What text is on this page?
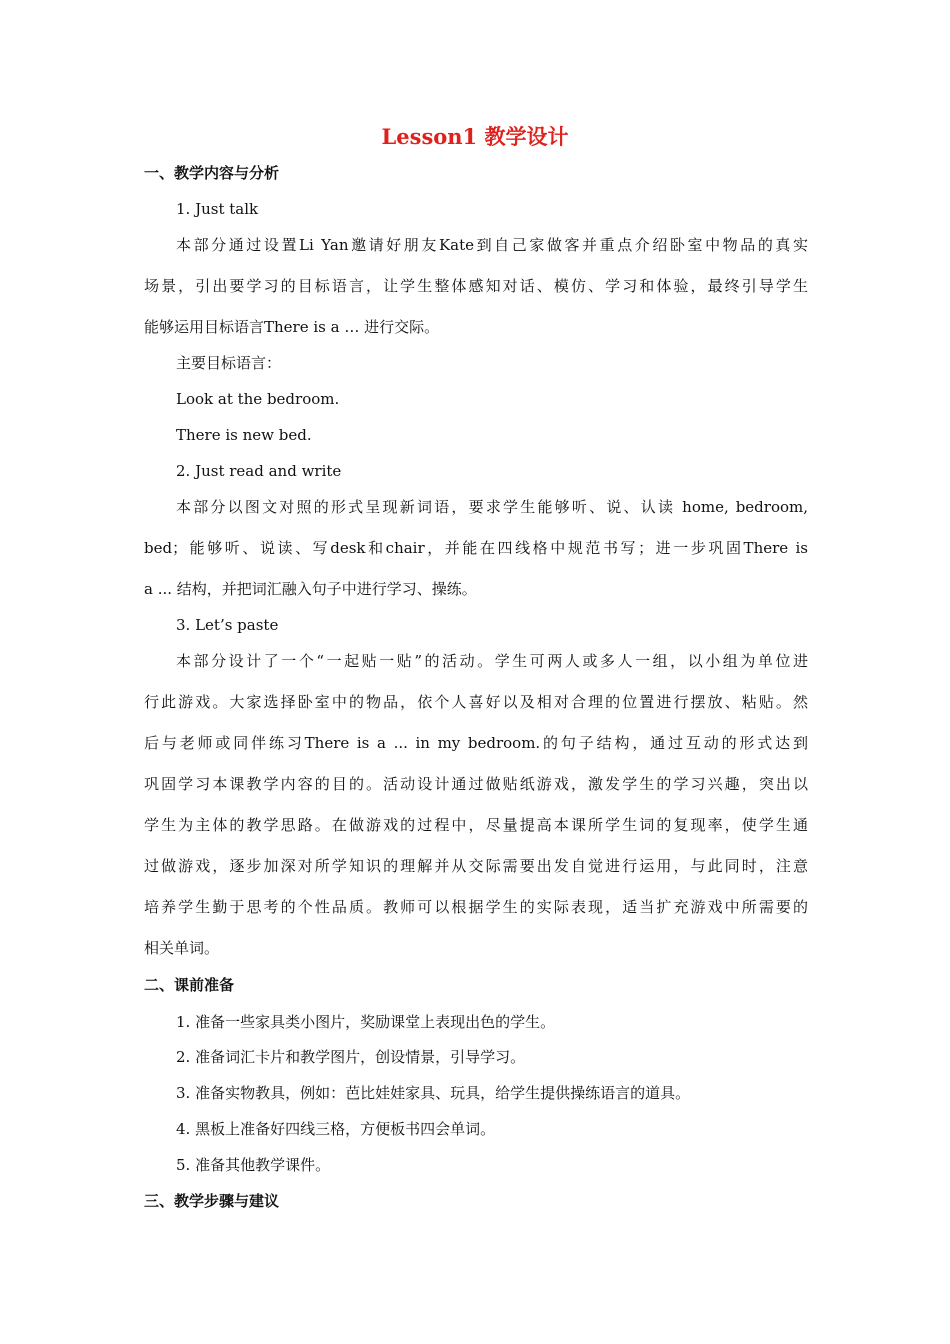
Lesson1 教学设计
一、教学内容与分析
1. Just talk
本部分通过设置Li Yan邀请好朋友Kate到自己家做客并重点介绍卧室中物品的真实
场景，引出要学习的目标语言，让学生整体感知对话、模仿、学习和体验，最终引导学生
能够运用目标语言There is a … 进行交际。
主要目标语言：
Look at the bedroom.
There is new bed.
2. Just read and write
本部分以图文对照的形式呈现新词语，要求学生能够听、说、认读 home, bedroom,
bed；能够听、说读、写desk和chair，并能在四线格中规范书写；进一步巩固There is
a ... 结构，并把词汇融入句子中进行学习、操练。
3. Let’s paste
本部分设计了一个“一起贴一贴”的活动。学生可两人或多人一组，以小组为单位进
行此游戏。大家选择卧室中的物品，依个人喜好以及相对合理的位置进行摆放、粘贴。然
后与老师或同伴练习There is a ... in my bedroom.的句子结构，通过互动的形式达到
巩固学习本课教学内容的目的。活动设计通过做贴纸游戏，激发学生的学习兴趣，突出以
学生为主体的教学思路。在做游戏的过程中，尽量提高本课所学生词的复现率，使学生通
过做游戏，逐步加深对所学知识的理解并从交际需要出发自觉进行运用，与此同时，注意
培养学生勤于思考的个性品质。教师可以根据学生的实际表现，适当扩充游戏中所需要的
相关单词。
二、课前准备
1. 准备一些家具类小图片，奖励课堂上表现出色的学生。
2. 准备词汇卡片和教学图片，创设情景，引导学习。
3. 准备实物教具，例如：芭比娃娃家具、玩具，给学生提供操练语言的道具。
4. 黑板上准备好四线三格，方便板书四会单词。
5. 准备其他教学课件。
三、教学步骤与建议
